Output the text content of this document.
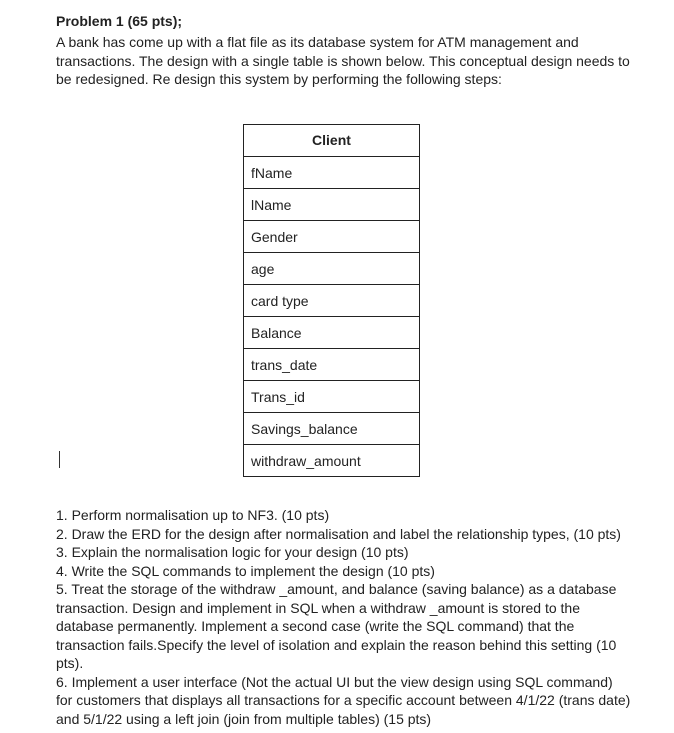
Problem 1 (65 pts);
A bank has come up with a flat file as its database system for ATM management and
transactions. The design with a single table is shown below. This conceptual design needs to
be redesigned. Re design this system by performing the following steps:
Client
fName
lName
Gender
age
card type
Balance
trans_date
Trans_id
Savings_balance
withdraw_amount
1. Perform normalisation up to NF3. (10 pts)
2. Draw the ERD for the design after normalisation and label the relationship types, (10 pts)
3. Explain the normalisation logic for your design (10 pts)
4. Write the SQL commands to implement the design (10 pts)
5. Treat the storage of the withdraw _amount, and balance (saving balance) as a database
transaction. Design and implement in SQL when a withdraw _amount is stored to the
database permanently. Implement a second case (write the SQL command) that the
transaction fails.Specify the level of isolation and explain the reason behind this setting (10
pts).
6. Implement a user interface (Not the actual UI but the view design using SQL command)
for customers that displays all transactions for a specific account between 4/1/22 (trans date)
and 5/1/22 using a left join (join from multiple tables) (15 pts)
